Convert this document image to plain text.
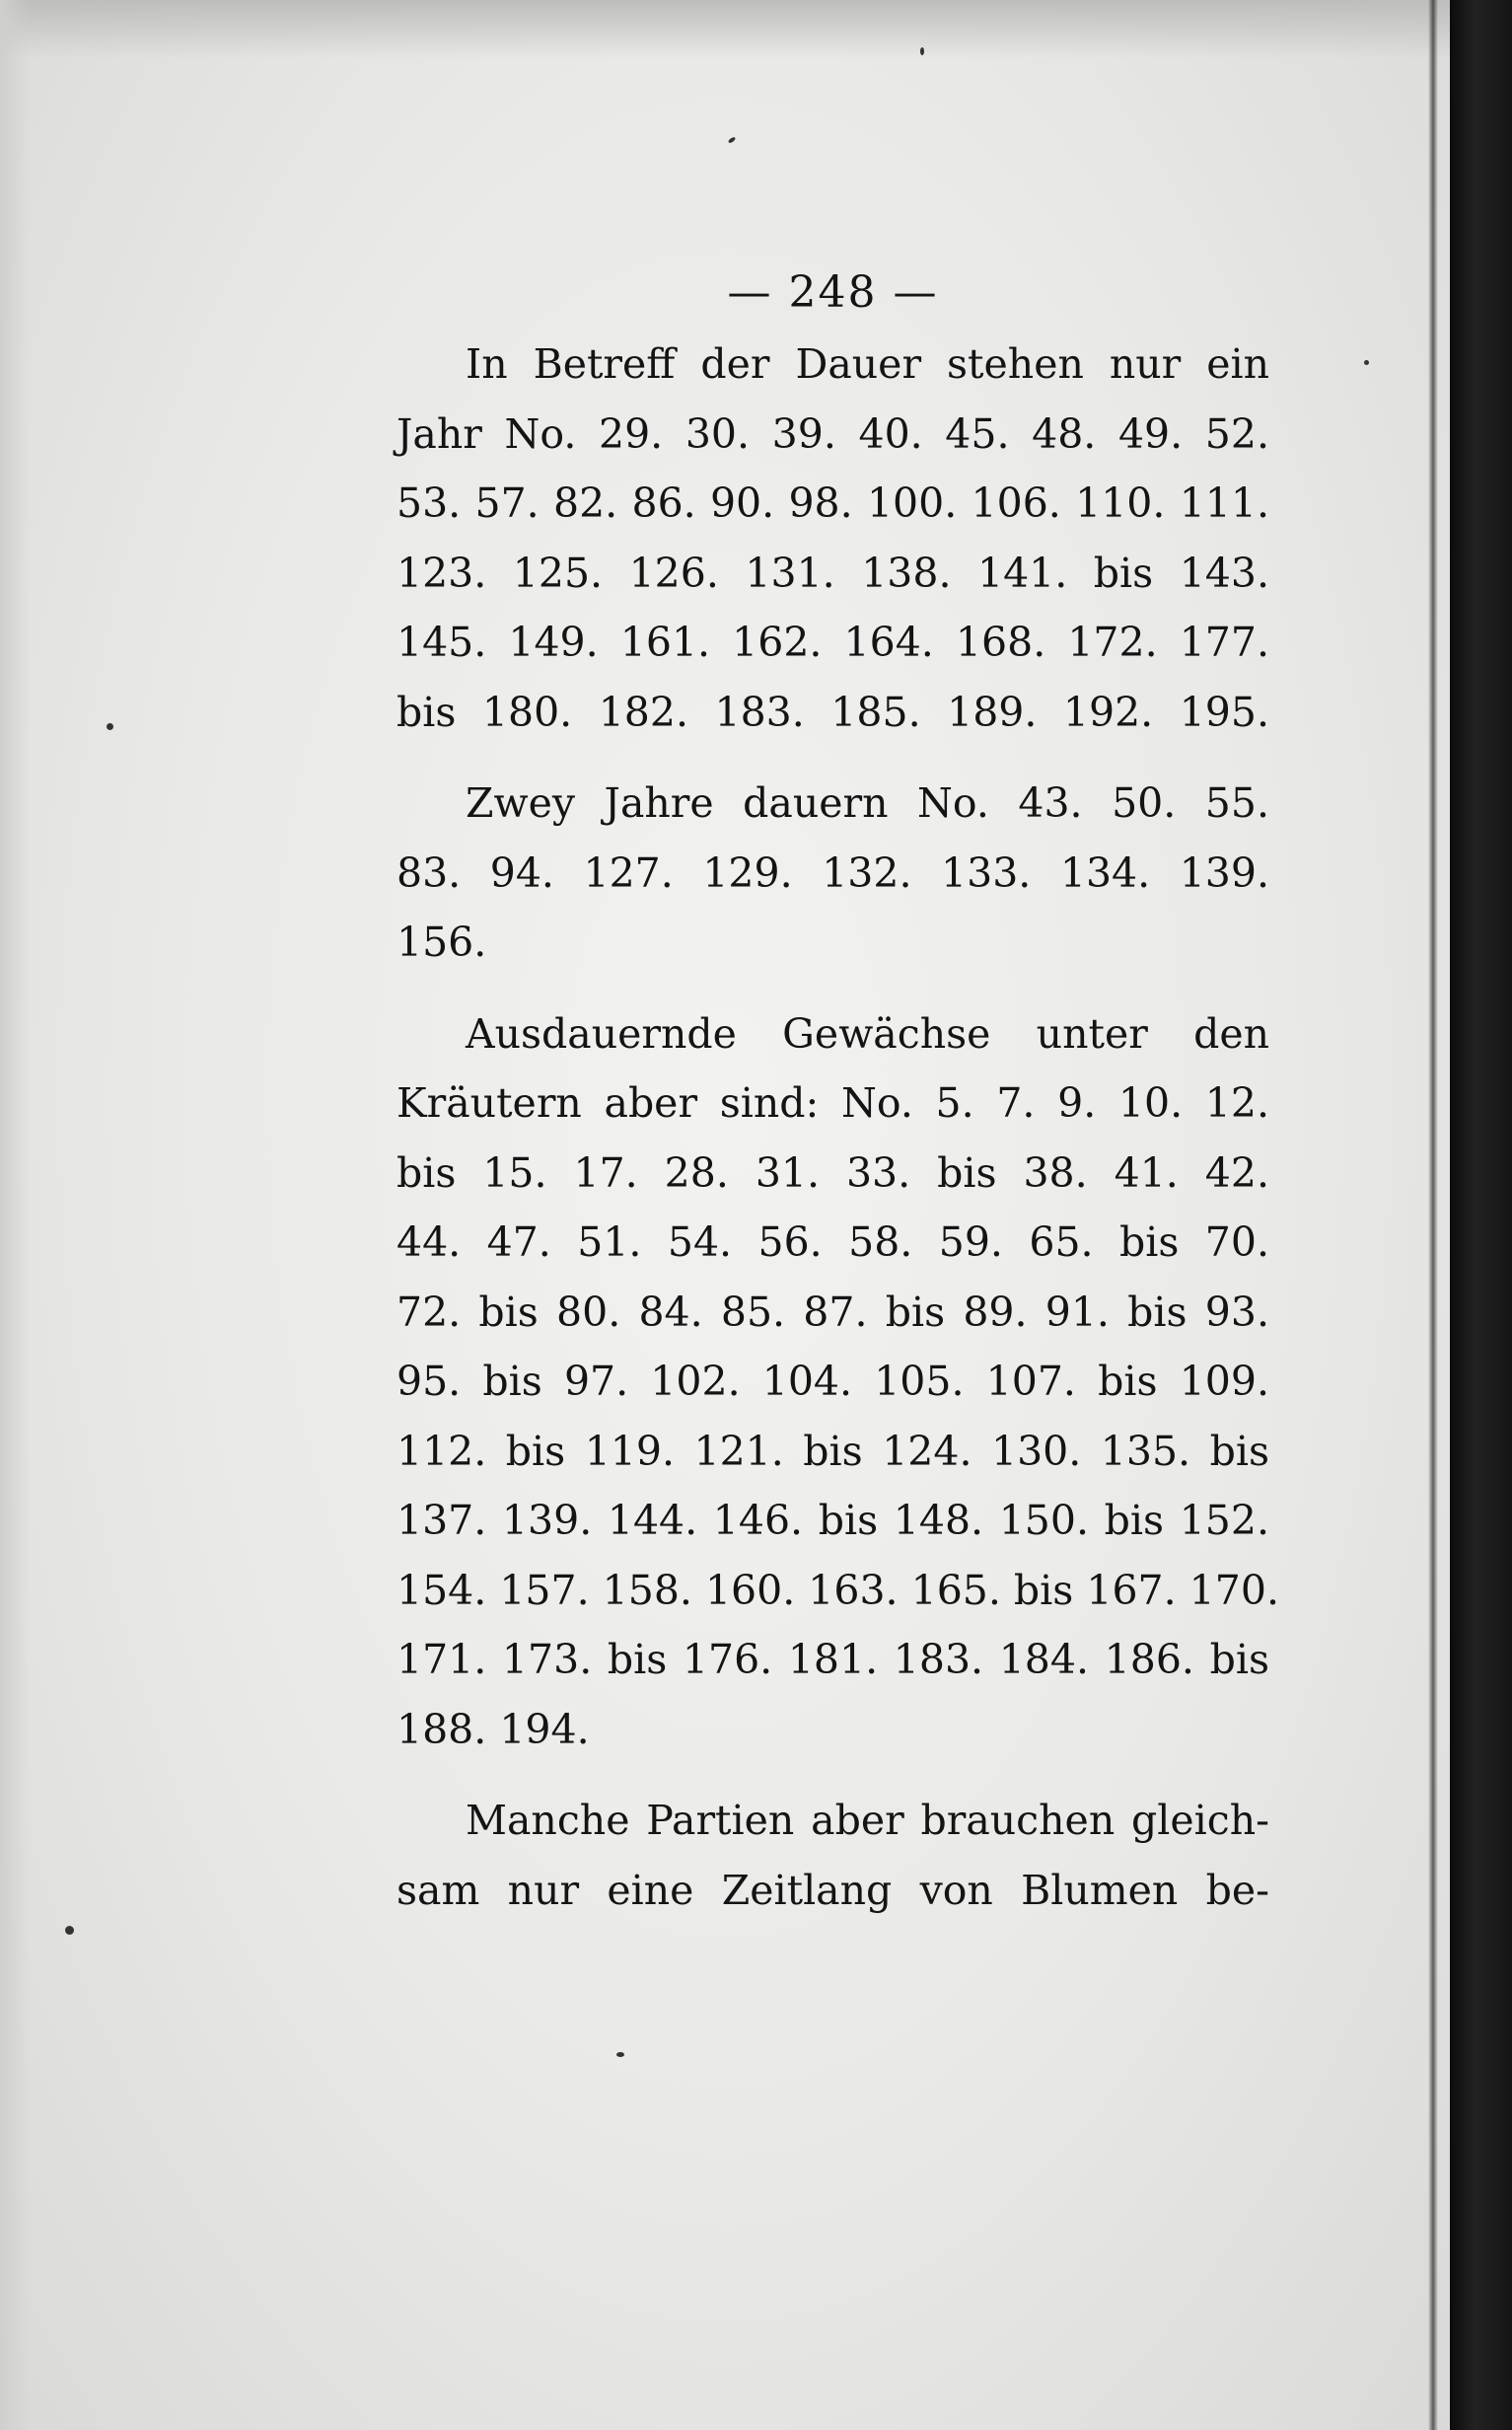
— 248 —

In Betreff der Dauer stehen nur ein
Jahr No. 29. 30. 39. 40. 45. 48. 49. 52.
53. 57. 82. 86. 90. 98. 100. 106. 110. 111.
123. 125. 126. 131. 138. 141. bis 143.
145. 149. 161. 162. 164. 168. 172. 177.
bis 180. 182. 183. 185. 189. 192. 195.

Zwey Jahre dauern No. 43. 50. 55.
83. 94. 127. 129. 132. 133. 134. 139.
156.

Ausdauernde Gewächse unter den
Kräutern aber sind: No. 5. 7. 9. 10. 12.
bis 15. 17. 28. 31. 33. bis 38. 41. 42.
44. 47. 51. 54. 56. 58. 59. 65. bis 70.
72. bis 80. 84. 85. 87. bis 89. 91. bis 93.
95. bis 97. 102. 104. 105. 107. bis 109.
112. bis 119. 121. bis 124. 130. 135. bis
137. 139. 144. 146. bis 148. 150. bis 152.
154. 157. 158. 160. 163. 165. bis 167. 170.
171. 173. bis 176. 181. 183. 184. 186. bis
188. 194.

Manche Partien aber brauchen gleich-
sam nur eine Zeitlang von Blumen be-
